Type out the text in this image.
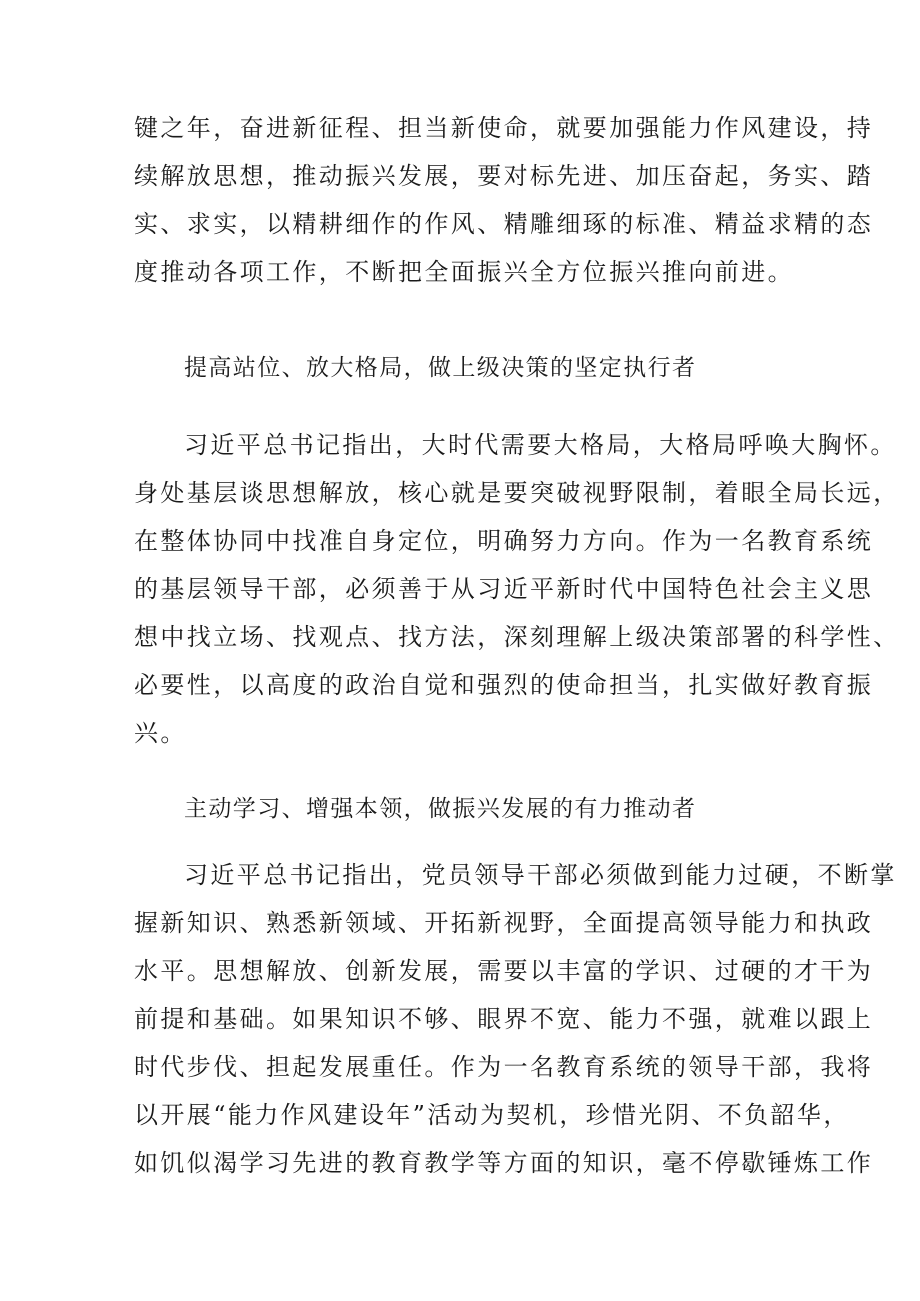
键之年，奋进新征程、担当新使命，就要加强能力作风建设，持
续解放思想，推动振兴发展，要对标先进、加压奋起，务实、踏
实、求实，以精耕细作的作风、精雕细琢的标准、精益求精的态
度推动各项工作，不断把全面振兴全方位振兴推向前进。
提高站位、放大格局，做上级决策的坚定执行者
习近平总书记指出，大时代需要大格局，大格局呼唤大胸怀。
身处基层谈思想解放，核心就是要突破视野限制，着眼全局长远，
在整体协同中找准自身定位，明确努力方向。作为一名教育系统
的基层领导干部，必须善于从习近平新时代中国特色社会主义思
想中找立场、找观点、找方法，深刻理解上级决策部署的科学性、
必要性，以高度的政治自觉和强烈的使命担当，扎实做好教育振
兴。
主动学习、增强本领，做振兴发展的有力推动者
习近平总书记指出，党员领导干部必须做到能力过硬，不断掌
握新知识、熟悉新领域、开拓新视野，全面提高领导能力和执政
水平。思想解放、创新发展，需要以丰富的学识、过硬的才干为
前提和基础。如果知识不够、眼界不宽、能力不强，就难以跟上
时代步伐、担起发展重任。作为一名教育系统的领导干部，我将
以开展“能力作风建设年”活动为契机，珍惜光阴、不负韶华，
如饥似渴学习先进的教育教学等方面的知识，毫不停歇锤炼工作
